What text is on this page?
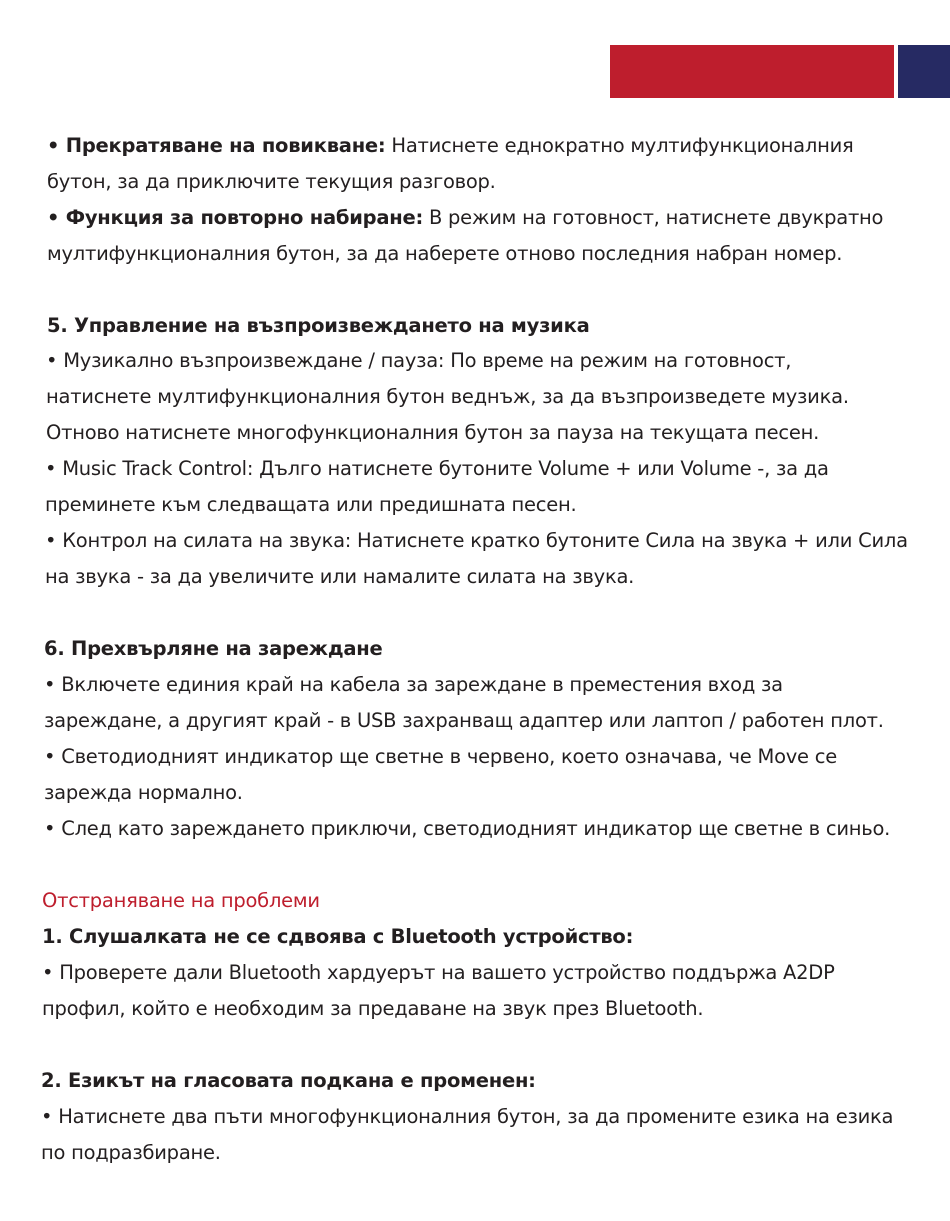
• Прекратяване на повикване: Натиснете еднократно мултифункционалния
бутон, за да приключите текущия разговор.
• Функция за повторно набиране: В режим на готовност, натиснете двукратно
мултифункционалния бутон, за да наберете отново последния набран номер.
5. Управление на възпроизвеждането на музика
• Музикално възпроизвеждане / пауза: По време на режим на готовност,
натиснете мултифункционалния бутон веднъж, за да възпроизведете музика.
Отново натиснете многофункционалния бутон за пауза на текущата песен.
• Music Track Control: Дълго натиснете бутоните Volume + или Volume -, за да
преминете към следващата или предишната песен.
• Контрол на силата на звука: Натиснете кратко бутоните Сила на звука + или Сила
на звука - за да увеличите или намалите силата на звука.
6. Прехвърляне на зареждане
• Включете единия край на кабела за зареждане в преместения вход за
зареждане, а другият край - в USB захранващ адаптер или лаптоп / работен плот.
• Светодиодният индикатор ще светне в червено, което означава, че Move се
зарежда нормално.
• След като зареждането приключи, светодиодният индикатор ще светне в синьо.
Отстраняване на проблеми
1. Слушалката не се сдвоява с Bluetooth устройство:
• Проверете дали Bluetooth хардуерът на вашето устройство поддържа A2DP
профил, който е необходим за предаване на звук през Bluetooth.
2. Езикът на гласовата подкана е променен:
• Натиснете два пъти многофункционалния бутон, за да промените езика на езика
по подразбиране.
